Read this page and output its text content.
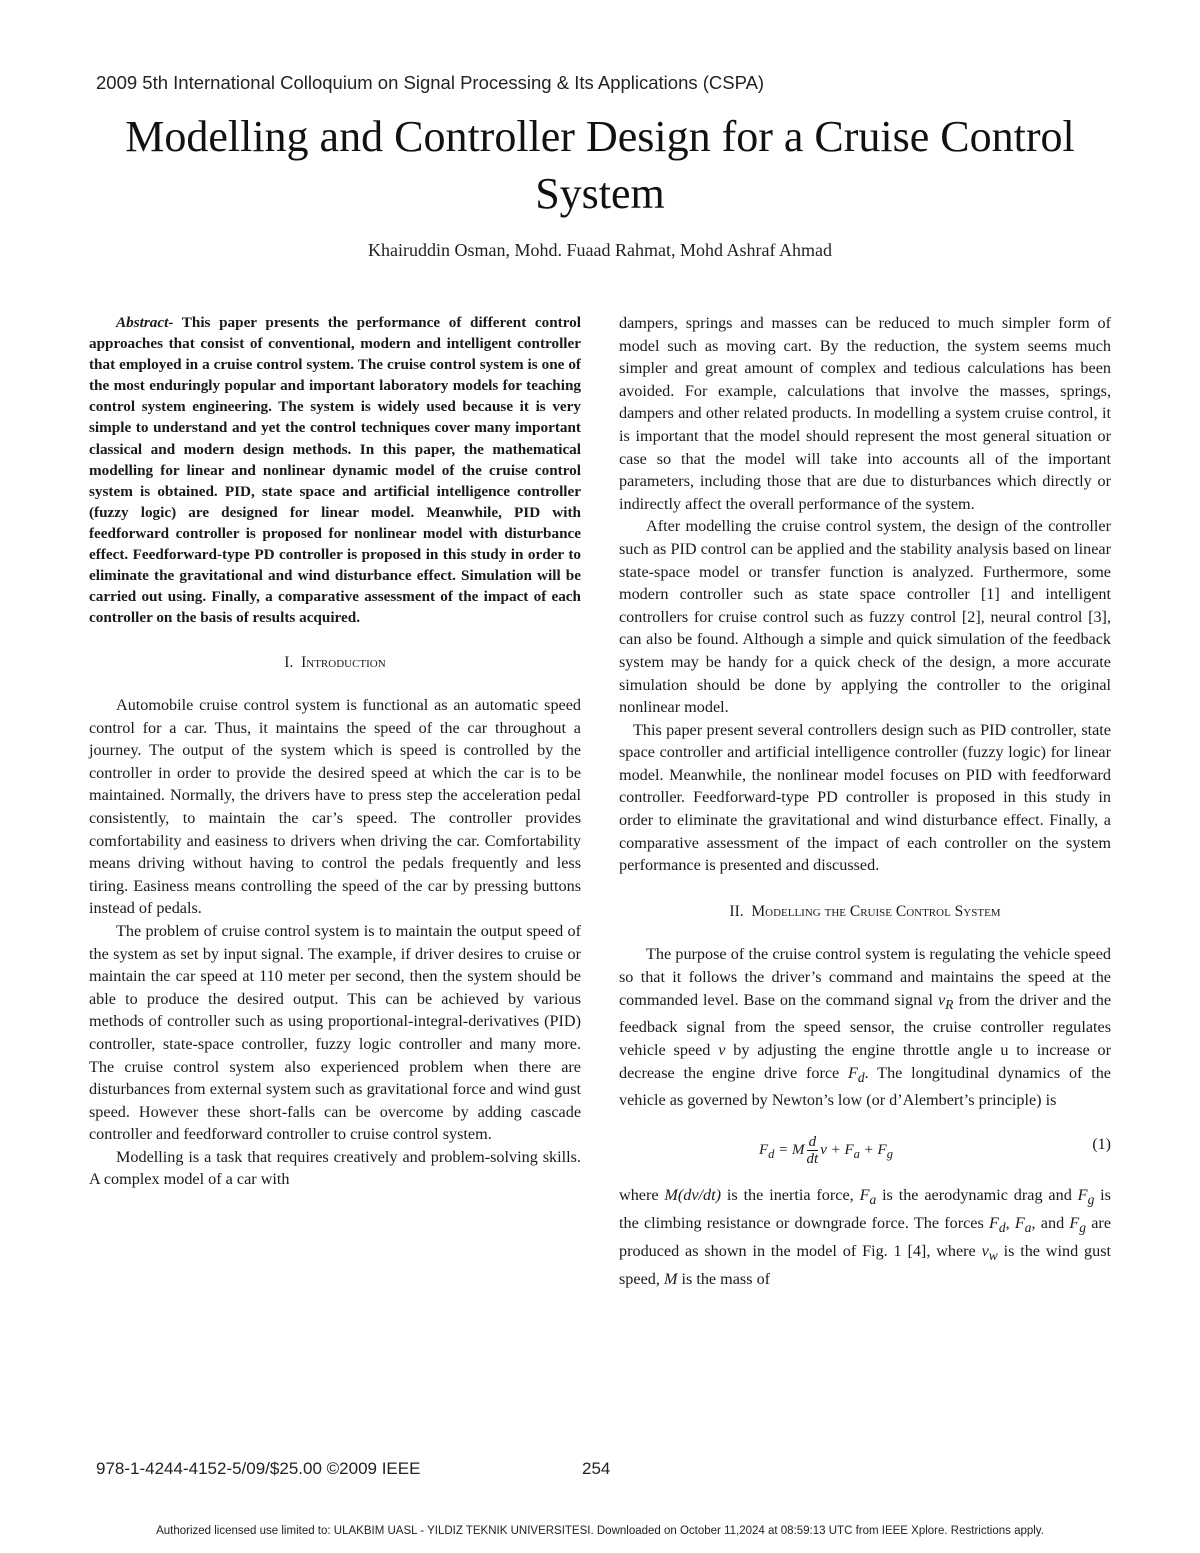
2009 5th International Colloquium on Signal Processing & Its Applications (CSPA)
Modelling and Controller Design for a Cruise Control
System
Khairuddin Osman, Mohd. Fuaad Rahmat, Mohd Ashraf Ahmad

Abstract- This paper presents the performance of different control approaches that consist of conventional, modern and intelligent controller that employed in a cruise control system. The cruise control system is one of the most enduringly popular and important laboratory models for teaching control system engineering. The system is widely used because it is very simple to understand and yet the control techniques cover many important classical and modern design methods. In this paper, the mathematical modelling for linear and nonlinear dynamic model of the cruise control system is obtained. PID, state space and artificial intelligence controller (fuzzy logic) are designed for linear model. Meanwhile, PID with feedforward controller is proposed for nonlinear model with disturbance effect. Feedforward-type PD controller is proposed in this study in order to eliminate the gravitational and wind disturbance effect. Simulation will be carried out using. Finally, a comparative assessment of the impact of each controller on the basis of results acquired.

I. Introduction

Automobile cruise control system is functional as an automatic speed control for a car. Thus, it maintains the speed of the car throughout a journey. The output of the system which is speed is controlled by the controller in order to provide the desired speed at which the car is to be maintained. Normally, the drivers have to press step the acceleration pedal consistently, to maintain the car’s speed. The controller provides comfortability and easiness to drivers when driving the car. Comfortability means driving without having to control the pedals frequently and less tiring. Easiness means controlling the speed of the car by pressing buttons instead of pedals.

The problem of cruise control system is to maintain the output speed of the system as set by input signal. The example, if driver desires to cruise or maintain the car speed at 110 meter per second, then the system should be able to produce the desired output. This can be achieved by various methods of controller such as using proportional-integral-derivatives (PID) controller, state-space controller, fuzzy logic controller and many more. The cruise control system also experienced problem when there are disturbances from external system such as gravitational force and wind gust speed. However these short-falls can be overcome by adding cascade controller and feedforward controller to cruise control system.

Modelling is a task that requires creatively and problem-solving skills. A complex model of a car with

dampers, springs and masses can be reduced to much simpler form of model such as moving cart. By the reduction, the system seems much simpler and great amount of complex and tedious calculations has been avoided. For example, calculations that involve the masses, springs, dampers and other related products. In modelling a system cruise control, it is important that the model should represent the most general situation or case so that the model will take into accounts all of the important parameters, including those that are due to disturbances which directly or indirectly affect the overall performance of the system.

After modelling the cruise control system, the design of the controller such as PID control can be applied and the stability analysis based on linear state-space model or transfer function is analyzed. Furthermore, some modern controller such as state space controller [1] and intelligent controllers for cruise control such as fuzzy control [2], neural control [3], can also be found. Although a simple and quick simulation of the feedback system may be handy for a quick check of the design, a more accurate simulation should be done by applying the controller to the original nonlinear model.

This paper present several controllers design such as PID controller, state space controller and artificial intelligence controller (fuzzy logic) for linear model. Meanwhile, the nonlinear model focuses on PID with feedforward controller. Feedforward-type PD controller is proposed in this study in order to eliminate the gravitational and wind disturbance effect. Finally, a comparative assessment of the impact of each controller on the system performance is presented and discussed.

II. Modelling the Cruise Control System

The purpose of the cruise control system is regulating the vehicle speed so that it follows the driver’s command and maintains the speed at the commanded level. Base on the command signal $v_R$ from the driver and the feedback signal from the speed sensor, the cruise controller regulates vehicle speed v by adjusting the engine throttle angle u to increase or decrease the engine drive force $F_d$. The longitudinal dynamics of the vehicle as governed by Newton’s low (or d’Alembert’s principle) is

$F_d = M \frac{d}{dt}$ $v + F_a + F_g$
(1)

where M(dv/dt) is the inertia force, $F_a$ is the aerodynamic drag and $F_g$ is the climbing resistance or downgrade force. The forces $F_d$, $F_a$, and $F_g$ are produced as shown in the model of Fig. 1 [4], where $v_w$ is the wind gust speed, M is the mass of

978-1-4244-4152-5/09/$25.00 ©2009 IEEE	254
Authorized licensed use limited to: ULAKBIM UASL - YILDIZ TEKNIK UNIVERSITESI. Downloaded on October 11,2024 at 08:59:13 UTC from IEEE Xplore. Restrictions apply.
